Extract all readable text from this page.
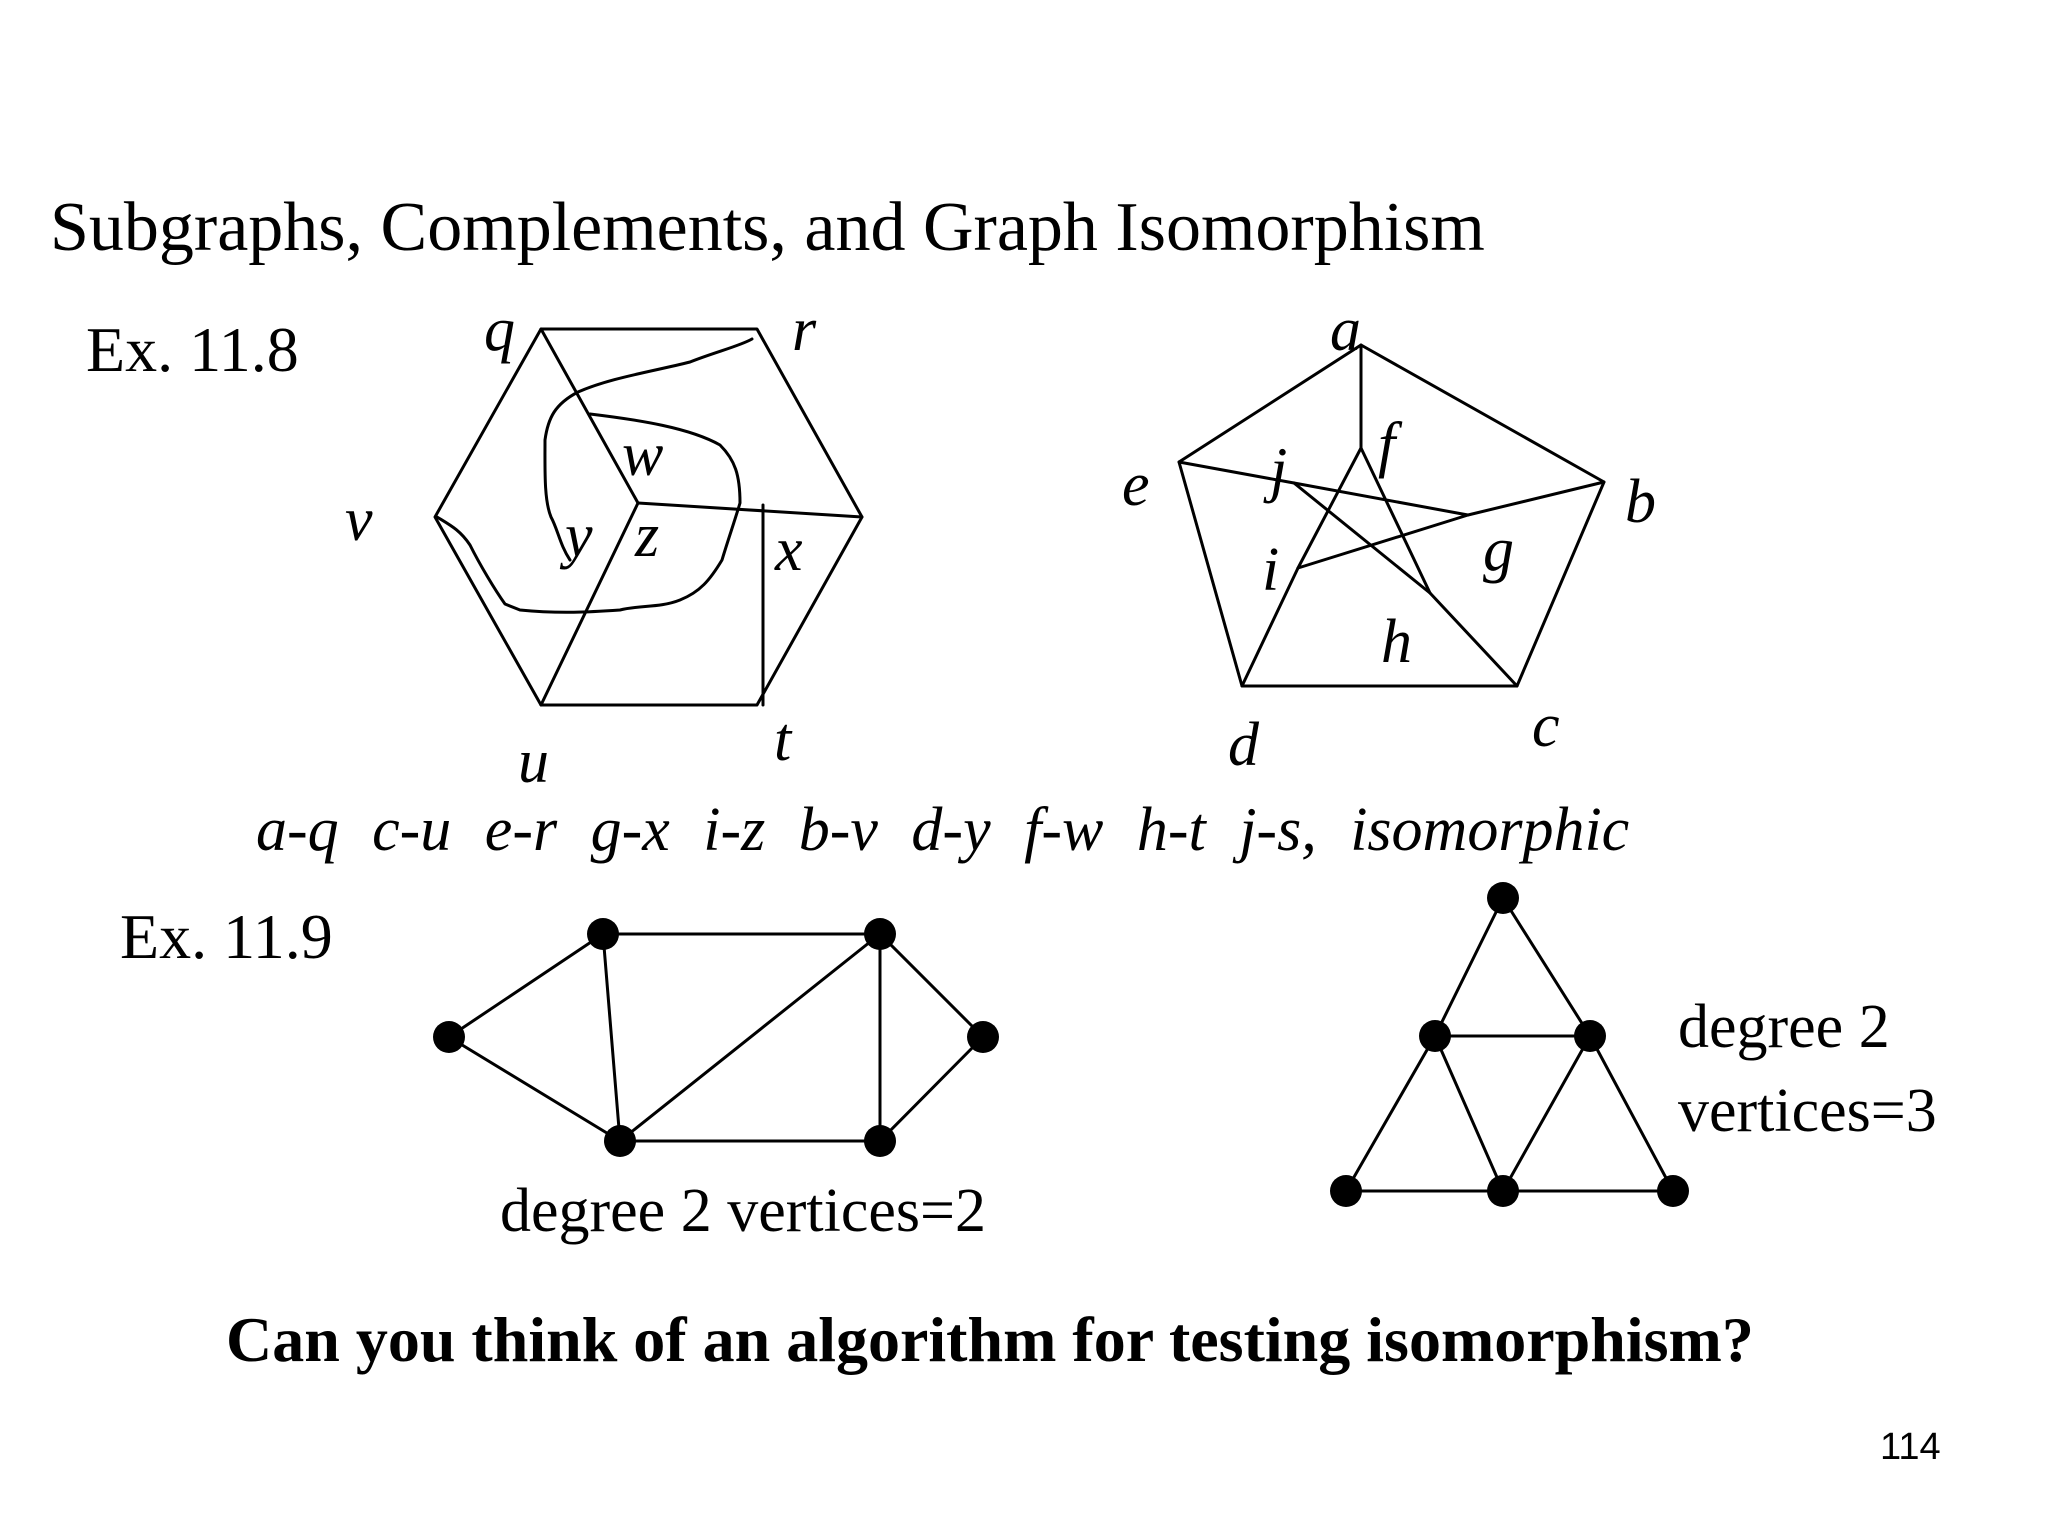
Subgraphs, Complements, and Graph Isomorphism
Ex. 11.8	q	r
v
w
y z x
u	t
a
b
c
d
e
f
g
h
i
j
a-q c-u e-r g-x i-z b-v d-y f-w h-t j-s, isomorphic
Ex. 11.9
degree 2 vertices=2
degree 2
vertices=3
Can you think of an algorithm for testing isomorphism?
114
